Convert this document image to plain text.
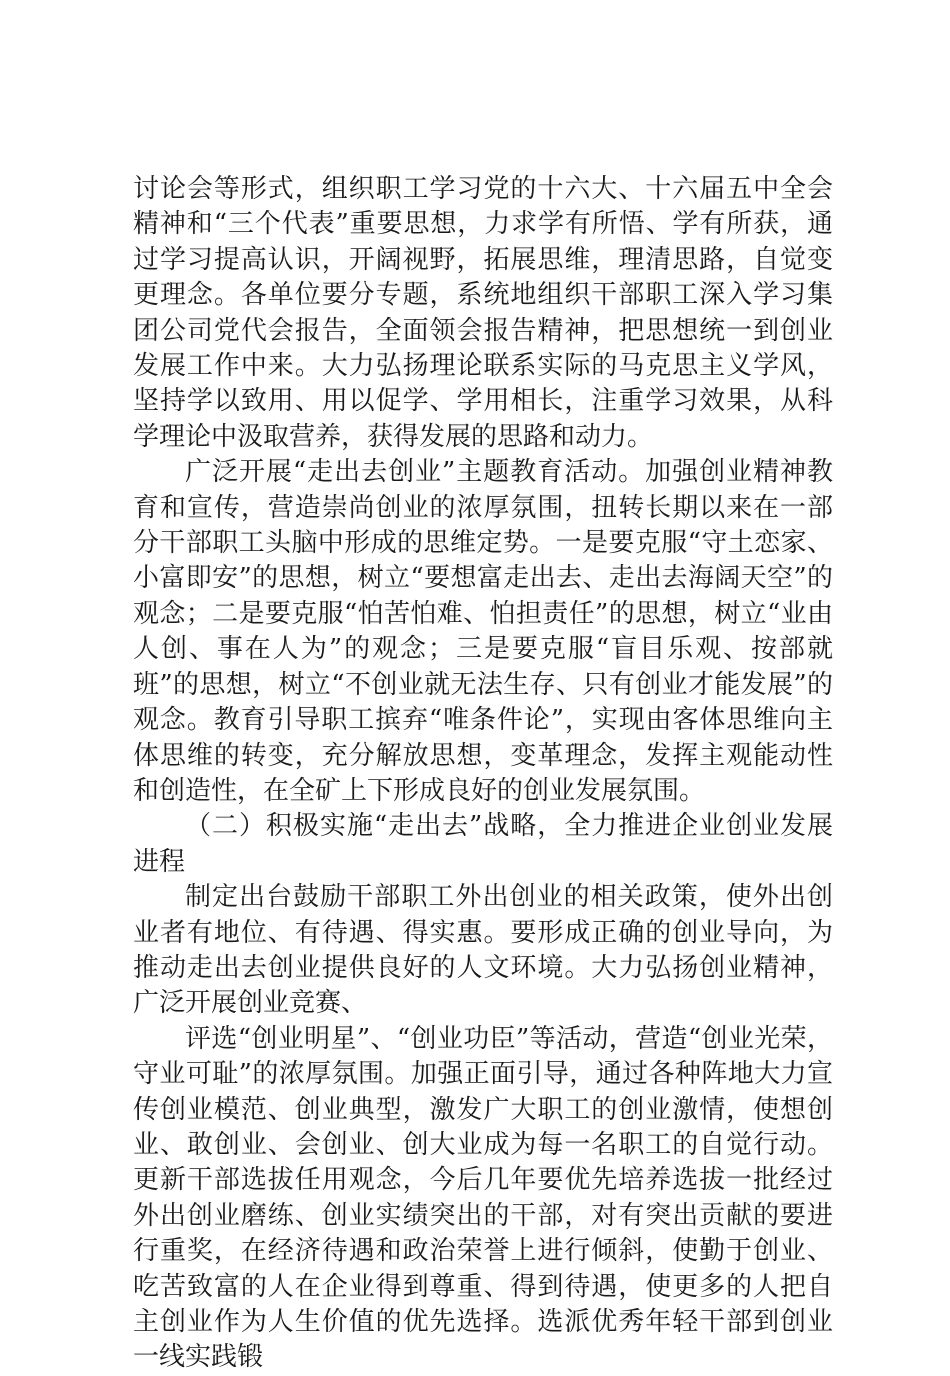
讨论会等形式，组织职工学习党的十六大、十六届五中全会精神和“三个代表”重要思想，力求学有所悟、学有所获，通过学习提高认识，开阔视野，拓展思维，理清思路，自觉变更理念。各单位要分专题，系统地组织干部职工深入学习集团公司党代会报告，全面领会报告精神，把思想统一到创业发展工作中来。大力弘扬理论联系实际的马克思主义学风，坚持学以致用、用以促学、学用相长，注重学习效果，从科学理论中汲取营养，获得发展的思路和动力。

广泛开展“走出去创业”主题教育活动。加强创业精神教育和宣传，营造崇尚创业的浓厚氛围，扭转长期以来在一部分干部职工头脑中形成的思维定势。一是要克服“守土恋家、小富即安”的思想，树立“要想富走出去、走出去海阔天空”的观念；二是要克服“怕苦怕难、怕担责任”的思想，树立“业由人创、事在人为”的观念；三是要克服“盲目乐观、按部就班”的思想，树立“不创业就无法生存、只有创业才能发展”的观念。教育引导职工摈弃“唯条件论”，实现由客体思维向主体思维的转变，充分解放思想，变革理念，发挥主观能动性和创造性，在全矿上下形成良好的创业发展氛围。

（二）积极实施“走出去”战略，全力推进企业创业发展进程

制定出台鼓励干部职工外出创业的相关政策，使外出创业者有地位、有待遇、得实惠。要形成正确的创业导向，为推动走出去创业提供良好的人文环境。大力弘扬创业精神，广泛开展创业竞赛、

评选“创业明星”、“创业功臣”等活动，营造“创业光荣，守业可耻”的浓厚氛围。加强正面引导，通过各种阵地大力宣传创业模范、创业典型，激发广大职工的创业激情，使想创业、敢创业、会创业、创大业成为每一名职工的自觉行动。更新干部选拔任用观念，今后几年要优先培养选拔一批经过外出创业磨练、创业实绩突出的干部，对有突出贡献的要进行重奖，在经济待遇和政治荣誉上进行倾斜，使勤于创业、吃苦致富的人在企业得到尊重、得到待遇，使更多的人把自主创业作为人生价值的优先选择。选派优秀年轻干部到创业一线实践锻
